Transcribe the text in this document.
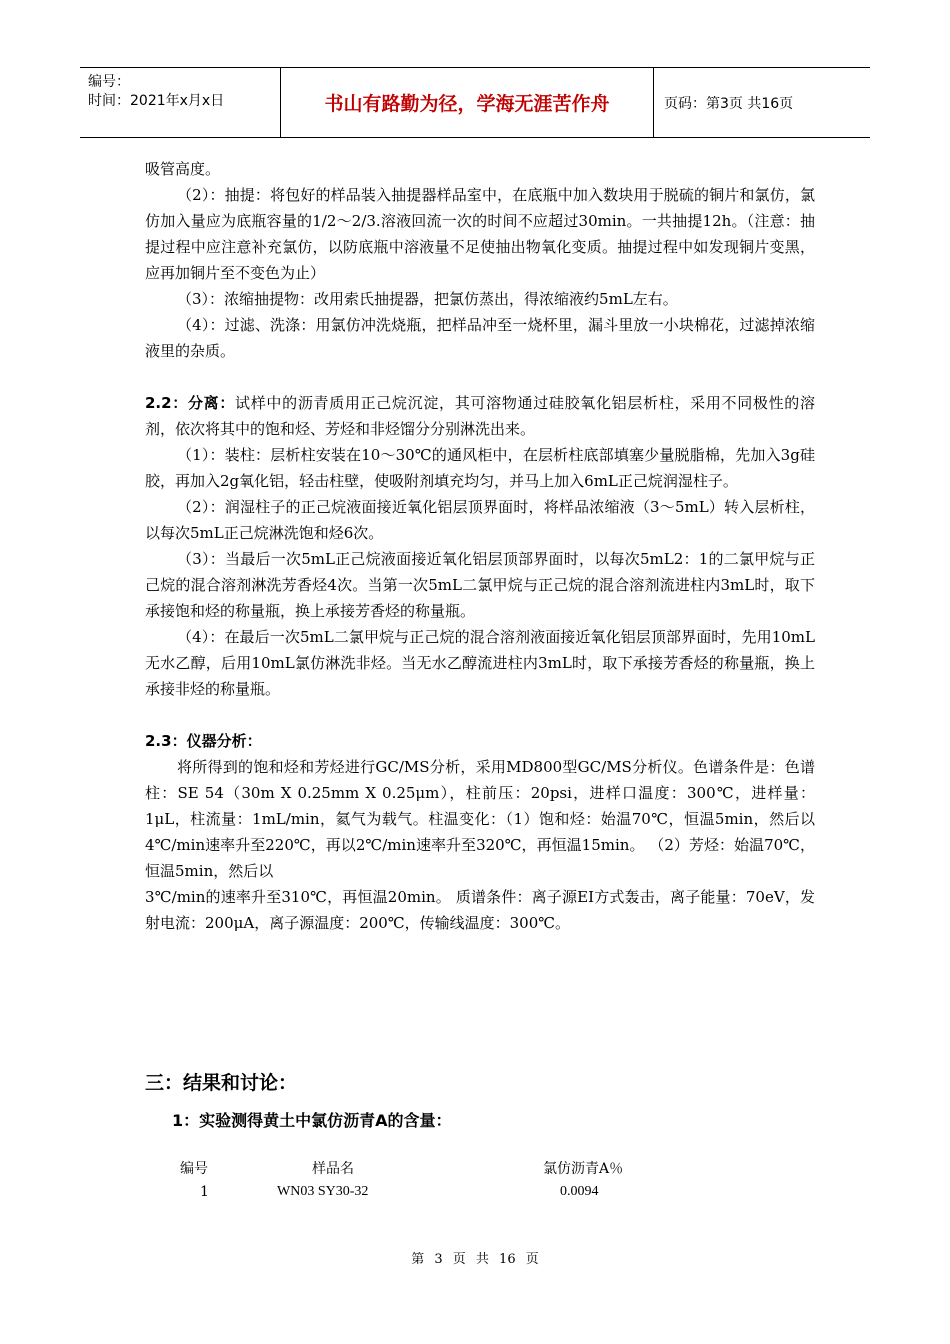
编号：
时间：2021年x月x日	书山有路勤为径，学海无涯苦作舟	页码：第3页 共16页

吸管高度。

（2）：抽提：将包好的样品装入抽提器样品室中，在底瓶中加入数块用于脱硫的铜片和氯仿，氯仿加入量应为底瓶容量的1/2～2/3.溶液回流一次的时间不应超过30min。一共抽提12h。（注意：抽提过程中应注意补充氯仿，以防底瓶中溶液量不足使抽出物氧化变质。抽提过程中如发现铜片变黑，应再加铜片至不变色为止）

（3）：浓缩抽提物：改用索氏抽提器，把氯仿蒸出，得浓缩液约5mL左右。

（4）：过滤、洗涤：用氯仿冲洗烧瓶，把样品冲至一烧杯里，漏斗里放一小块棉花，过滤掉浓缩液里的杂质。

2.2：分离：试样中的沥青质用正己烷沉淀，其可溶物通过硅胶氧化铝层析柱，采用不同极性的溶剂，依次将其中的饱和烃、芳烃和非烃馏分分别淋洗出来。

（1）：装柱：层析柱安装在10～30℃的通风柜中，在层析柱底部填塞少量脱脂棉，先加入3g硅胶，再加入2g氧化铝，轻击柱壁，使吸附剂填充均匀，并马上加入6mL正己烷润湿柱子。

（2）：润湿柱子的正己烷液面接近氧化铝层顶界面时，将样品浓缩液（3～5mL）转入层析柱，以每次5mL正己烷淋洗饱和烃6次。

（3）：当最后一次5mL正己烷液面接近氧化铝层顶部界面时，以每次5mL2：1的二氯甲烷与正己烷的混合溶剂淋洗芳香烃4次。当第一次5mL二氯甲烷与正己烷的混合溶剂流进柱内3mL时，取下承接饱和烃的称量瓶，换上承接芳香烃的称量瓶。

（4）：在最后一次5mL二氯甲烷与正己烷的混合溶剂液面接近氧化铝层顶部界面时，先用10mL无水乙醇，后用10mL氯仿淋洗非烃。当无水乙醇流进柱内3mL时，取下承接芳香烃的称量瓶，换上承接非烃的称量瓶。

2.3：仪器分析：

将所得到的饱和烃和芳烃进行GC/MS分析，采用MD800型GC/MS分析仪。色谱条件是：色谱柱：SE 54（30m X 0.25mm X 0.25μm），柱前压：20psi，进样口温度：300℃，进样量：1μL，柱流量：1mL/min，氦气为载气。柱温变化：（1）饱和烃：始温70℃，恒温5min，然后以4℃/min速率升至220℃，再以2℃/min速率升至320℃，再恒温15min。 （2）芳烃：始温70℃，恒温5min，然后以

3℃/min的速率升至310℃，再恒温20min。 质谱条件：离子源EI方式轰击，离子能量：70eV，发射电流：200μA，离子源温度：200℃，传输线温度：300℃。

三：结果和讨论：
1：实验测得黄土中氯仿沥青A的含量：
编号	样品名	氯仿沥青A％
1	WN03 SY30-32	0.0094
第 3 页 共 16 页
